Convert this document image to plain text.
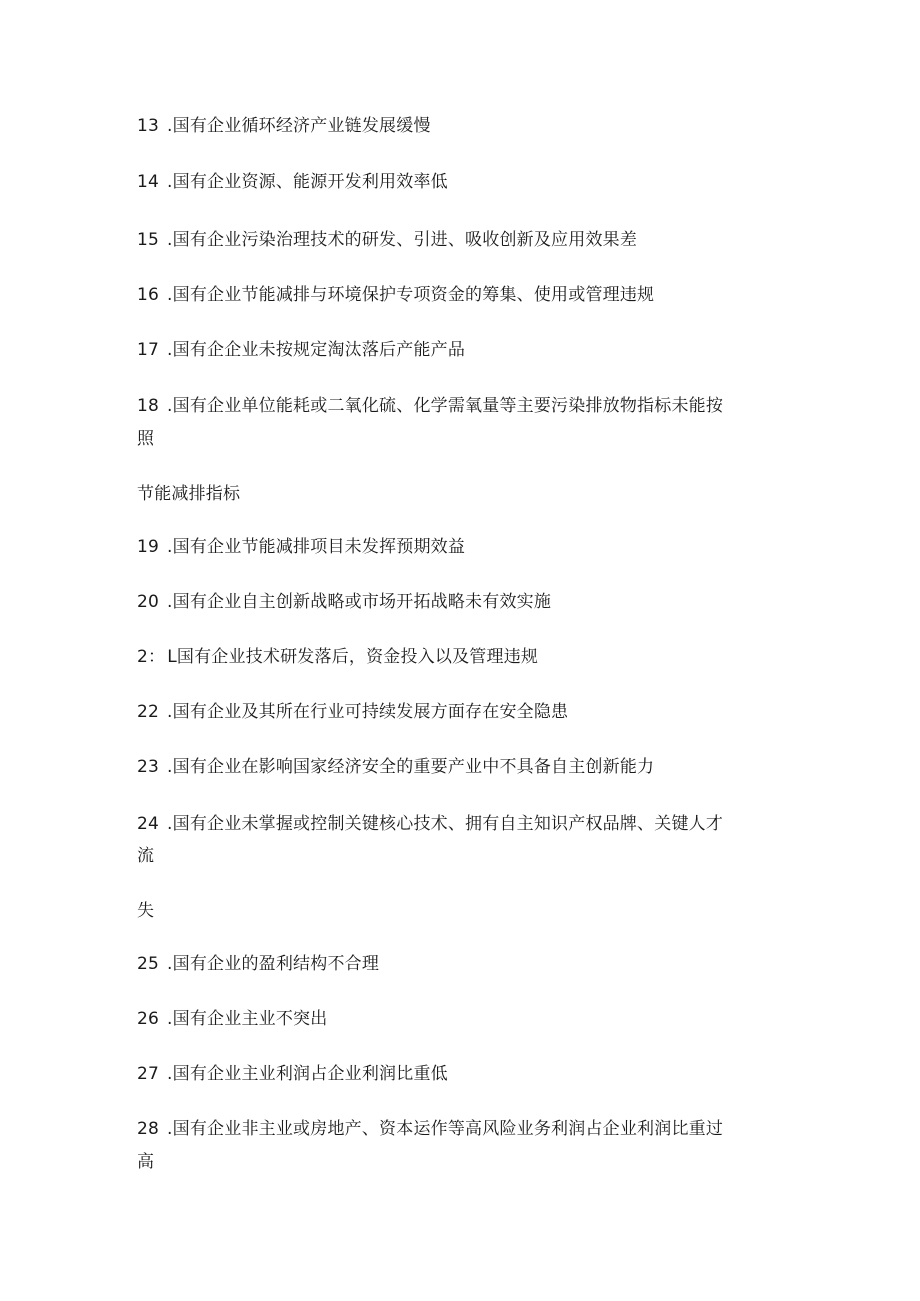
13 .国有企业循环经济产业链发展缓慢
14 .国有企业资源、能源开发利用效率低
15 .国有企业污染治理技术的研发、引进、吸收创新及应用效果差
16 .国有企业节能减排与环境保护专项资金的筹集、使用或管理违规
17 .国有企企业未按规定淘汰落后产能产品
18 .国有企业单位能耗或二氧化硫、化学需氧量等主要污染排放物指标未能按
照
节能减排指标
19 .国有企业节能减排项目未发挥预期效益
20 .国有企业自主创新战略或市场开拓战略未有效实施
2： L国有企业技术研发落后，资金投入以及管理违规
22 .国有企业及其所在行业可持续发展方面存在安全隐患
23 .国有企业在影响国家经济安全的重要产业中不具备自主创新能力
24 .国有企业未掌握或控制关键核心技术、拥有自主知识产权品牌、关键人才
流
失
25 .国有企业的盈利结构不合理
26 .国有企业主业不突出
27 .国有企业主业利润占企业利润比重低
28 .国有企业非主业或房地产、资本运作等高风险业务利润占企业利润比重过
高
